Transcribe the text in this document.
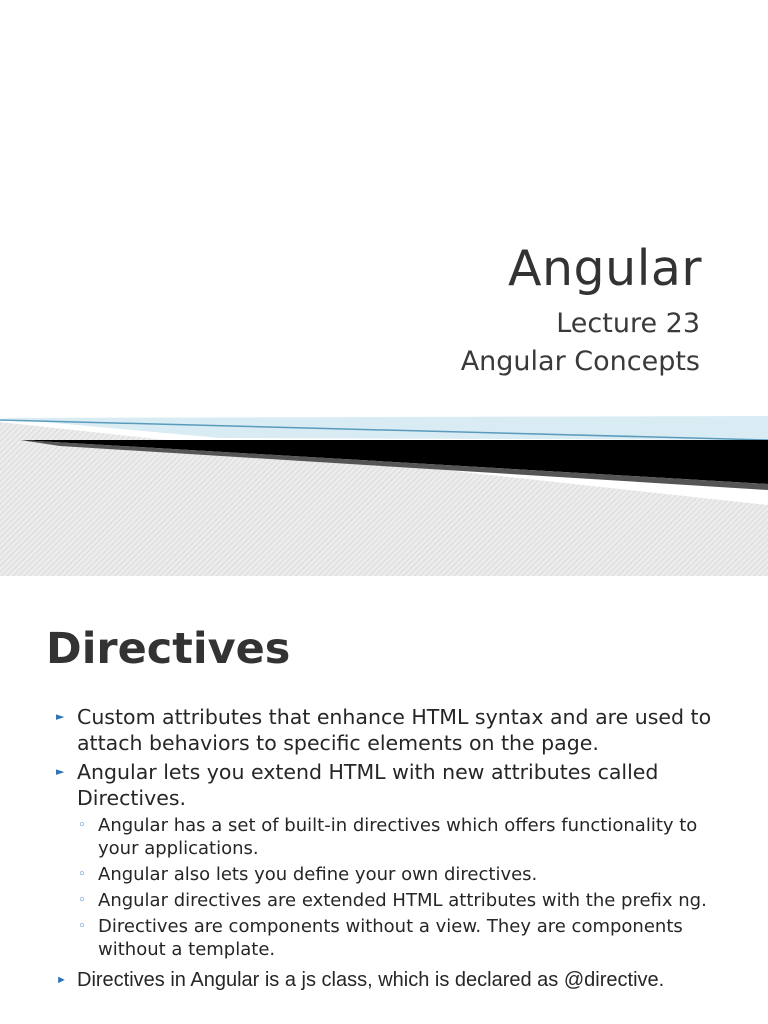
Angular

Lecture 23

Angular Concepts

Directives
► Custom attributes that enhance HTML syntax and are used to attach behaviors to specific elements on the page.
► Angular lets you extend HTML with new attributes called Directives.
◦ Angular has a set of built-in directives which offers functionality to your applications.
◦ Angular also lets you define your own directives.
◦ Angular directives are extended HTML attributes with the prefix ng.
◦ Directives are components without a view. They are components without a template.
► Directives in Angular is a js class, which is declared as @directive.
